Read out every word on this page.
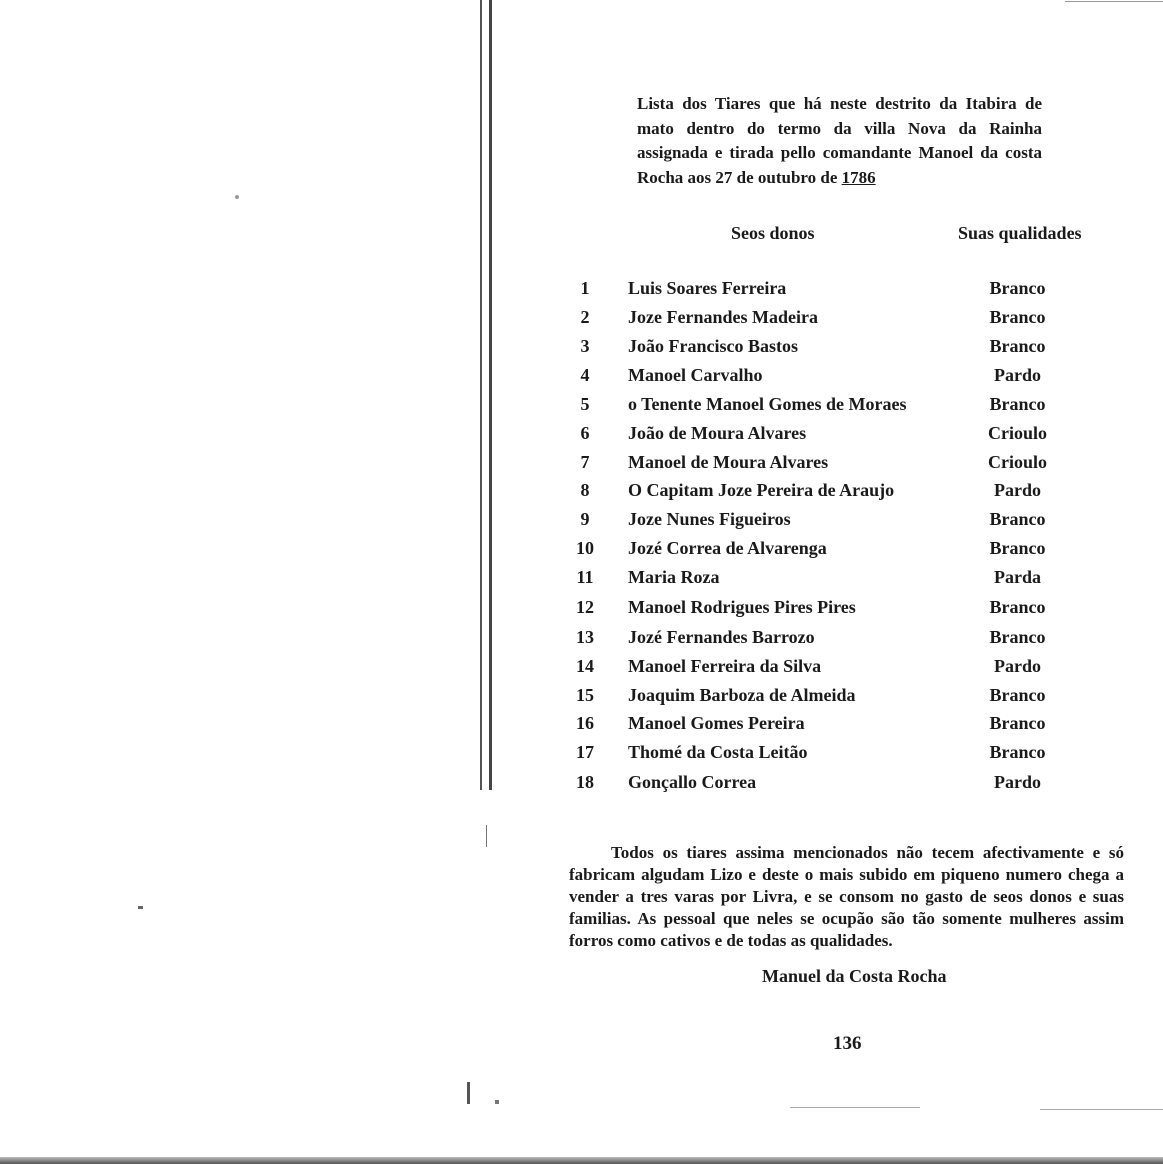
Lista dos Tiares que há neste destrito da Itabira de mato dentro do termo da villa Nova da Rainha assignada e tirada pello comandante Manoel da costa Rocha aos 27 de outubro de 1786
Seos donos	Suas qualidades
1	Luis Soares Ferreira	Branco
2	Joze Fernandes Madeira	Branco
3	João Francisco Bastos	Branco
4	Manoel Carvalho	Pardo
5	o Tenente Manoel Gomes de Moraes	Branco
6	João de Moura Alvares	Crioulo
7	Manoel de Moura Alvares	Crioulo
8	O Capitam Joze Pereira de Araujo	Pardo
9	Joze Nunes Figueiros	Branco
10	Jozé Correa de Alvarenga	Branco
11	Maria Roza	Parda
12	Manoel Rodrigues Pires Pires	Branco
13	Jozé Fernandes Barrozo	Branco
14	Manoel Ferreira da Silva	Pardo
15	Joaquim Barboza de Almeida	Branco
16	Manoel Gomes Pereira	Branco
17	Thomé da Costa Leitão	Branco
18	Gonçallo Correa	Pardo
Todos os tiares assima mencionados não tecem afectivamente e só fabricam algudam Lizo e deste o mais subido em piqueno numero chega a vender a tres varas por Livra, e se consom no gasto de seos donos e suas familias. As pessoal que neles se ocupão são tão somente mulheres assim forros como cativos e de todas as qualidades.
Manuel da Costa Rocha
136
